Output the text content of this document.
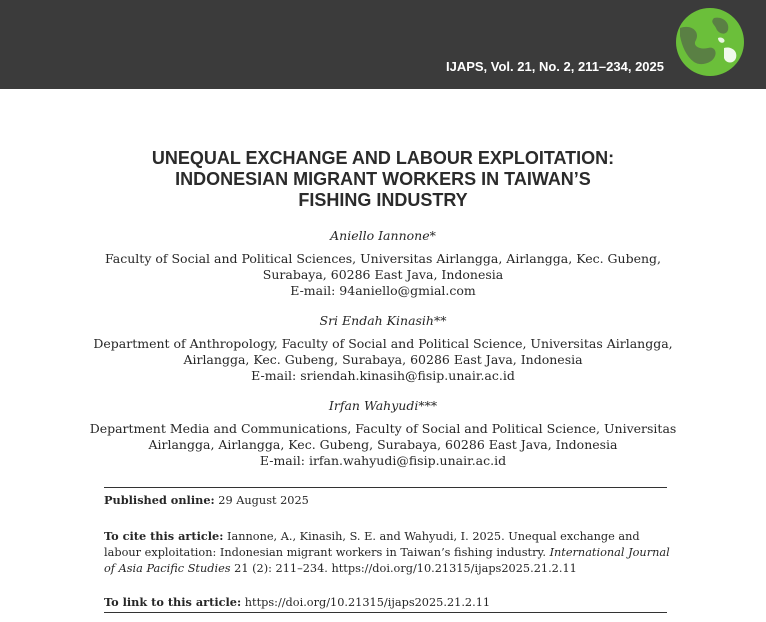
IJAPS, Vol. 21, No. 2, 211–234, 2025
UNEQUAL EXCHANGE AND LABOUR EXPLOITATION:
INDONESIAN MIGRANT WORKERS IN TAIWAN’S
FISHING INDUSTRY
Aniello Iannone*
Faculty of Social and Political Sciences, Universitas Airlangga, Airlangga, Kec. Gubeng,
Surabaya, 60286 East Java, Indonesia
E-mail: 94aniello@gmial.com
Sri Endah Kinasih**
Department of Anthropology, Faculty of Social and Political Science, Universitas Airlangga,
Airlangga, Kec. Gubeng, Surabaya, 60286 East Java, Indonesia
E-mail: sriendah.kinasih@fisip.unair.ac.id
Irfan Wahyudi***
Department Media and Communications, Faculty of Social and Political Science, Universitas
Airlangga, Airlangga, Kec. Gubeng, Surabaya, 60286 East Java, Indonesia
E-mail: irfan.wahyudi@fisip.unair.ac.id
Published online: 29 August 2025
To cite this article: Iannone, A., Kinasih, S. E. and Wahyudi, I. 2025. Unequal exchange and labour exploitation: Indonesian migrant workers in Taiwan’s fishing industry. International Journal of Asia Pacific Studies 21 (2): 211–234. https://doi.org/10.21315/ijaps2025.21.2.11
To link to this article: https://doi.org/10.21315/ijaps2025.21.2.11
